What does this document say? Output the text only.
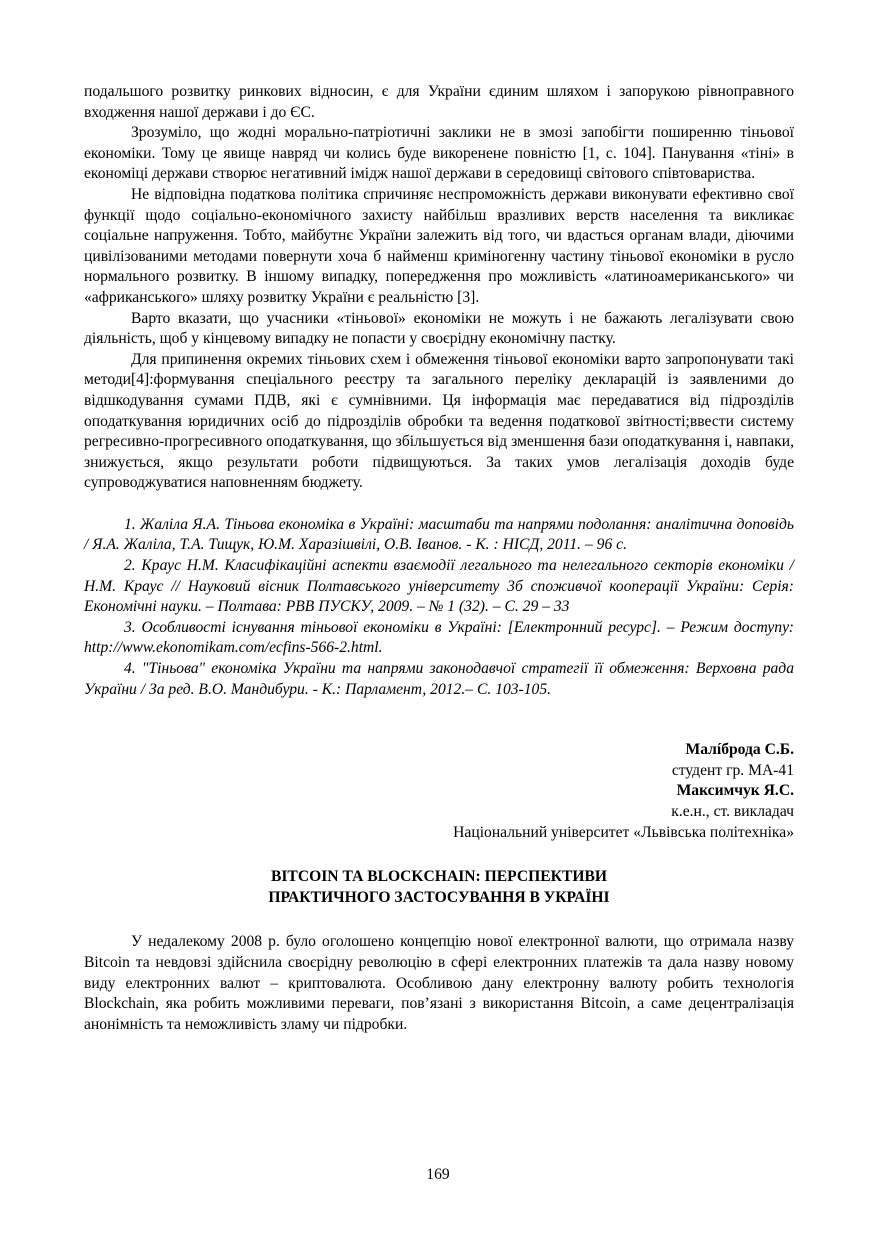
подальшого розвитку ринкових відносин, є для України єдиним шляхом і запорукою рівноправного входження нашої держави і до ЄС.

Зрозуміло, що жодні морально-патріотичні заклики не в змозі запобігти поширенню тіньової економіки. Тому це явище навряд чи колись буде викоренене повністю [1, с. 104]. Панування «тіні» в економіці держави створює негативний імідж нашої держави в середовищі світового співтовариства.

Не відповідна податкова політика спричиняє неспроможність держави виконувати ефективно свої функції щодо соціально-економічного захисту найбільш вразливих верств населення та викликає соціальне напруження. Тобто, майбутнє України залежить від того, чи вдасться органам влади, діючими цивілізованими методами повернути хоча б найменш криміногенну частину тіньової економіки в русло нормального розвитку. В іншому випадку, попередження про можливість «латиноамериканського» чи «африканського» шляху розвитку України є реальністю [3].

Варто вказати, що учасники «тіньової» економіки не можуть і не бажають легалізувати свою діяльність, щоб у кінцевому випадку не попасти у своєрідну економічну пастку.

Для припинення окремих тіньових схем і обмеження тіньової економіки варто запропонувати такі методи[4]:формування спеціального реєстру та загального переліку декларацій із заявленими до відшкодування сумами ПДВ, які є сумнівними. Ця інформація має передаватися від підрозділів оподаткування юридичних осіб до підрозділів обробки та ведення податкової звітності;ввести систему регресивно-прогресивного оподаткування, що збільшується від зменшення бази оподаткування і, навпаки, знижується, якщо результати роботи підвищуються. За таких умов легалізація доходів буде супроводжуватися наповненням бюджету.

1. Жаліла Я.А. Тіньова економіка в Україні: масштаби та напрями подолання: аналітична доповідь / Я.А. Жаліла, Т.А. Тищук, Ю.М. Харазішвілі, О.В. Іванов. - К. : НІСД, 2011. – 96 с.

2. Краус Н.М. Класифікаційні аспекти взаємодії легального та нелегального секторів економіки / Н.М. Краус // Науковий вісник Полтавського університету 3б споживчої кооперації України: Серія: Економічні науки. – Полтава: РВВ ПУСКУ, 2009. – № 1 (32). – С. 29 – 33

3. Особливості існування тіньової економіки в Україні: [Електронний ресурс]. – Режим доступу: http://www.ekonomikam.com/ecfins-566-2.html.

4. "Тіньова" економіка України та напрями законодавчої стратегії її обмеження: Верховна рада України / За ред. В.О. Мандибури. - К.: Парламент, 2012.– С. 103-105.

Малíброда С.Б.
студент гр. МА-41
Максимчук Я.С.
к.е.н., ст. викладач
Національний університет «Львівська політехніка»
BITCOIN ТА BLOCKCHAIN: ПЕРСПЕКТИВИ
ПРАКТИЧНОГО ЗАСТОСУВАННЯ В УКРАЇНІ

У недалекому 2008 р. було оголошено концепцію нової електронної валюти, що отримала назву Bitcoin та невдовзі здійснила своєрідну революцію в сфері електронних платежів та дала назву новому виду електронних валют – криптовалюта. Особливою дану електронну валюту робить технологія Blockchain, яка робить можливими переваги, пов’язані з використання Bitcoin, а саме децентралізація анонімність та неможливість зламу чи підробки.

169
